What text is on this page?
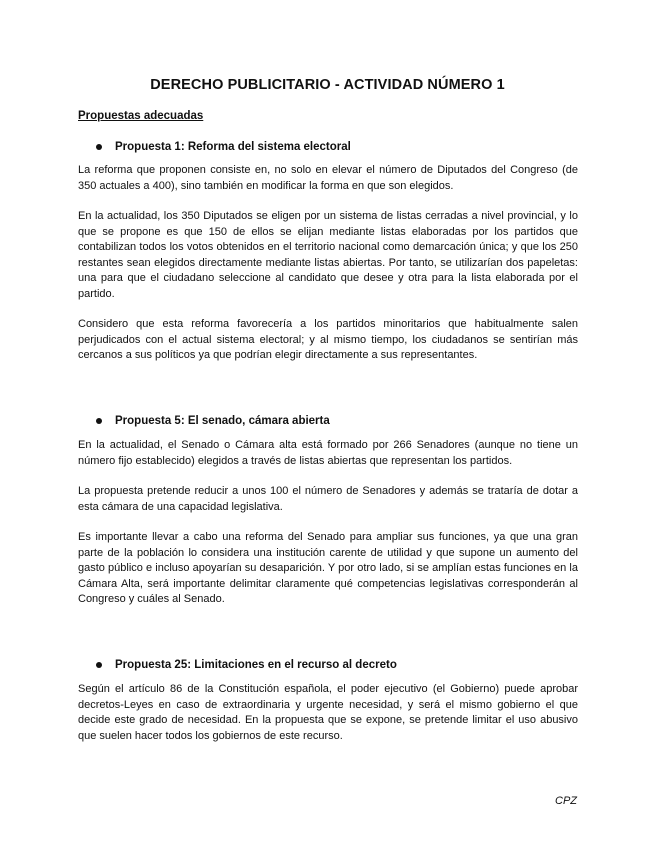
DERECHO PUBLICITARIO - ACTIVIDAD NÚMERO 1
Propuestas adecuadas
Propuesta 1: Reforma del sistema electoral

La reforma que proponen consiste en, no solo en elevar el número de Diputados del Congreso (de 350 actuales a 400), sino también en modificar la forma en que son elegidos.

En la actualidad, los 350 Diputados se eligen por un sistema de listas cerradas a nivel provincial, y lo que se propone es que 150 de ellos se elijan mediante listas elaboradas por los partidos que contabilizan todos los votos obtenidos en el territorio nacional como demarcación única; y que los 250 restantes sean elegidos directamente mediante listas abiertas. Por tanto, se utilizarían dos papeletas: una para que el ciudadano seleccione al candidato que desee y otra para la lista elaborada por el partido.

Considero que esta reforma favorecería a los partidos minoritarios que habitualmente salen perjudicados con el actual sistema electoral; y al mismo tiempo, los ciudadanos se sentirían más cercanos a sus políticos ya que podrían elegir directamente a sus representantes.

Propuesta 5: El senado, cámara abierta

En la actualidad, el Senado o Cámara alta está formado por 266 Senadores (aunque no tiene un número fijo establecido) elegidos a través de listas abiertas que representan los partidos.

La propuesta pretende reducir a unos 100 el número de Senadores y además se trataría de dotar a esta cámara de una capacidad legislativa.

Es importante llevar a cabo una reforma del Senado para ampliar sus funciones, ya que una gran parte de la población lo considera una institución carente de utilidad y que supone un aumento del gasto público e incluso apoyarían su desaparición. Y por otro lado, si se amplían estas funciones en la Cámara Alta, será importante delimitar claramente qué competencias legislativas corresponderán al Congreso y cuáles al Senado.

Propuesta 25: Limitaciones en el recurso al decreto

Según el artículo 86 de la Constitución española, el poder ejecutivo (el Gobierno) puede aprobar decretos-Leyes en caso de extraordinaria y urgente necesidad, y será el mismo gobierno el que decide este grado de necesidad. En la propuesta que se expone, se pretende limitar el uso abusivo que suelen hacer todos los gobiernos de este recurso.

CPZ
